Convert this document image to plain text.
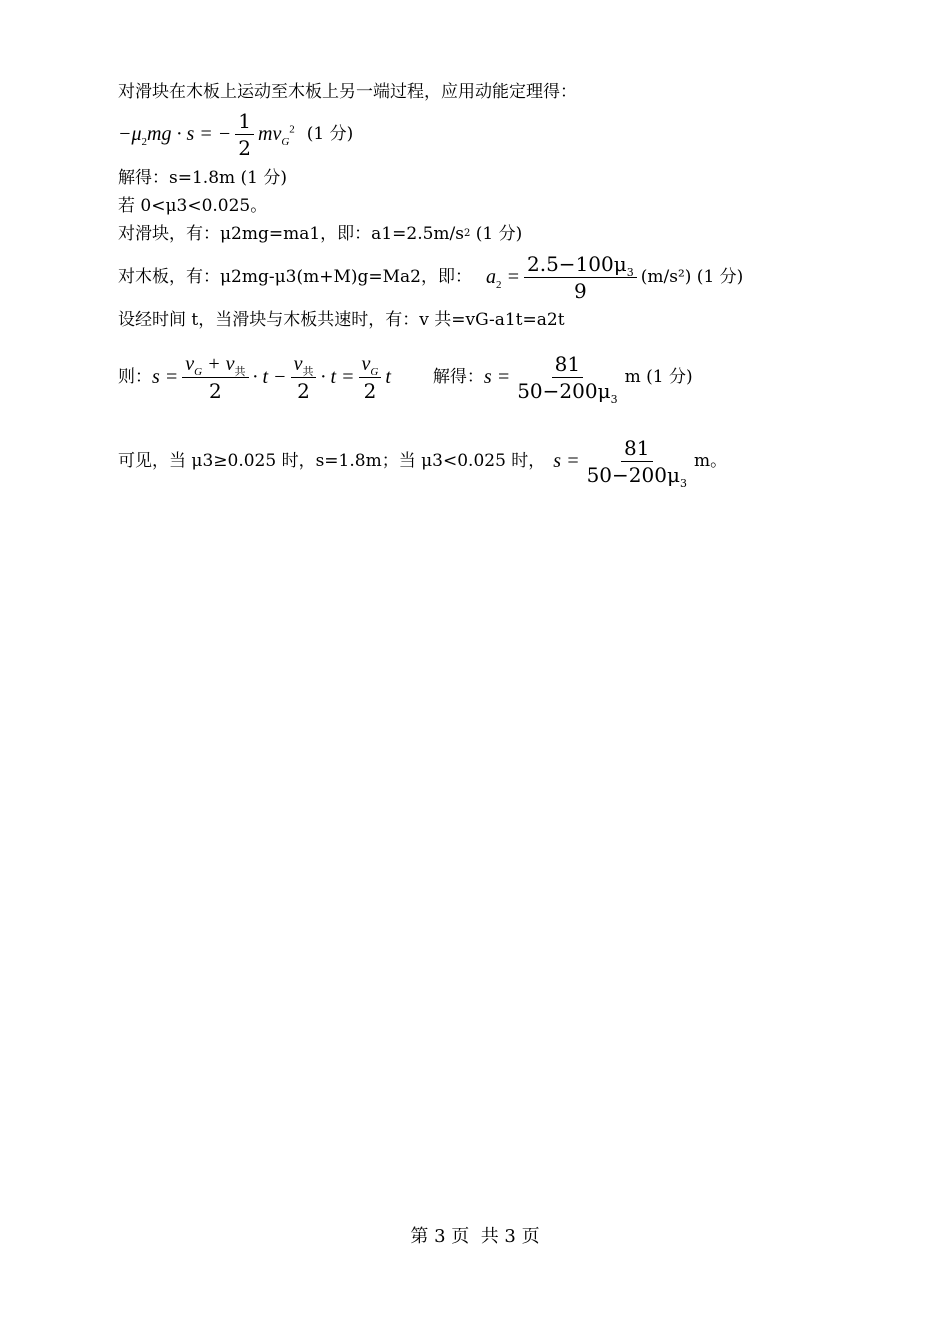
对滑块在木板上运动至木板上另一端过程，应用动能定理得：
$-\mu_2mg \cdot s$ = − $\frac{1}{2} mv_G^2$ (1 分)
解得：s=1.8m (1 分)
若 0<μ3<0.025。
对滑块，有： μ2mg=ma1，即：a1=2.5m/s 2 (1 分)
对木板，有： μ2mg-μ3(m+M)g=Ma2，即： $a_2 = \frac{2.5-100\mu_3}{9} (m/s^2)$ (1 分)
设经时间 t，当滑块与木板共速时，有：v 共=vG-a1t=a2t
则： $s = \frac{v_G + v_共}{2} \cdot t - \frac{v_共}{2} \cdot t = \frac{v_G}{2}$ t 解得： $s = \frac{81}{50-200\mu_3}$ m (1 分)
可见，当 μ3≥0.025 时，s=1.8m；当 μ3<0.025 时， $s = \frac{81}{50-200\mu_3}$ m。
第 3 页  共 3 页
